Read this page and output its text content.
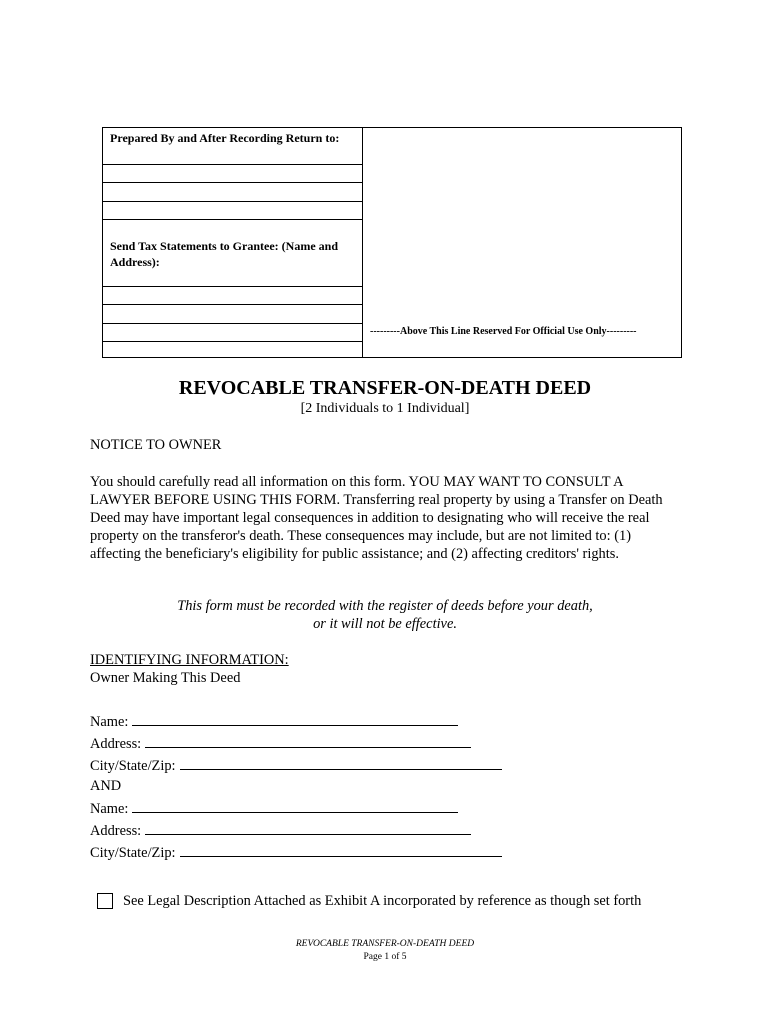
Prepared By and After Recording Return to:
Send Tax Statements to Grantee: (Name and Address):
---------Above This Line Reserved For Official Use Only---------
REVOCABLE TRANSFER-ON-DEATH DEED
[2 Individuals to 1 Individual]
NOTICE TO OWNER
You should carefully read all information on this form. YOU MAY WANT TO CONSULT A LAWYER BEFORE USING THIS FORM. Transferring real property by using a Transfer on Death Deed may have important legal consequences in addition to designating who will receive the real property on the transferor's death. These consequences may include, but are not limited to: (1) affecting the beneficiary's eligibility for public assistance; and (2) affecting creditors' rights.
This form must be recorded with the register of deeds before your death,
or it will not be effective.
IDENTIFYING INFORMATION:
Owner Making This Deed
Name:
Address:
City/State/Zip:
AND
Name:
Address:
City/State/Zip:
See Legal Description Attached as Exhibit A incorporated by reference as though set forth
REVOCABLE TRANSFER-ON-DEATH DEED
Page 1 of 5
